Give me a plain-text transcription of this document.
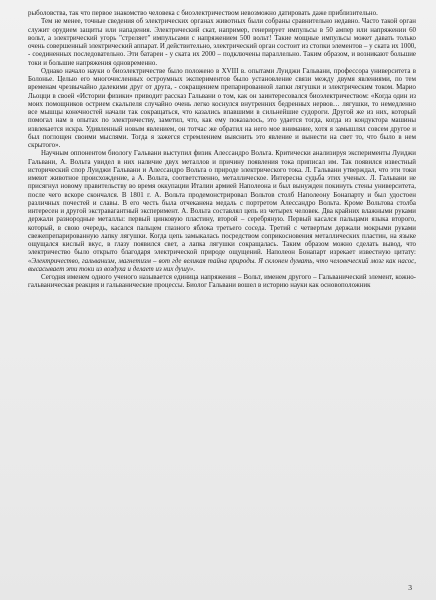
рыболовства, так что первое знакомство человека с биоэлектричеством невозможно датировать даже приблизительно.

Тем не менее, точные сведения об электрических органах животных были собраны сравнительно недавно. Часто такой орган служит орудием защиты или нападения. Электрический скат, например, генерирует импульсы в 50 ампер или напряжении 60 вольт, а электрический угорь "стреляет" импульсами с напряжением 500 вольт! Такие мощные импульсы может давать только очень совершенный электрический аппарат. И действительно, электрический орган состоит из стопки элементов – у ската их 1000, - соединенных последовательно. Эти батареи - у ската их 2000 – подключены параллельно. Таким образом, и возникают большие токи и большие напряжения одновременно.

Однако начало науки о биоэлектричестве было положено в XVIII в. опытами Луиджи Гальвани, профессора университета в Болонье. Целью его многочисленных остроумных экспериментов было установление связи между двумя явлениями, по тем временам чрезвычайно далекими друг от друга, - сокращением препарированной лапки лягушки и электрическим током. Марио Льоцци в своей «Истории физики» приводит рассказ Гальвани о том, как он заинтересовался биоэлектричеством: «Когда один из моих помощников острием скальпеля случайно очень легко коснулся внутренних бедренных нервов… лягушки, то немедленно все мышцы конечностей начали так сокращаться, что казались впавшими в сильнейшие судороги. Другой же из них, который помогал нам в опытах по электричеству, заметил, что, как ему показалось, это удается тогда, когда из кондуктора машины извлекается искра. Удивленный новым явлением, он тотчас же обратил на него мое внимание, хотя я замышлял совсем другое и был поглощен своими мыслями. Тогда я зажегся стремлением выяснить это явление и вынести на свет то, что было в нем скрытого».

Научным оппонентом биологу Гальвани выступил физик Алессандро Вольта. Критически анализируя эксперименты Луиджи Гальвани, А. Вольта увидел в них наличие двух металлов и причину появления тока приписал им. Так появился известный исторический спор Луиджи Гальвани и Алессандро Вольта о природе электрического тока. Л. Гальвани утверждал, что эти токи имеют животное происхождение, а А. Вольта, соответственно, металлическое. Интересна судьба этих ученых. Л. Гальвани не присягнул новому правительству во время оккупации Италии армией Наполеона и был вынужден покинуть стены университета, после чего вскоре скончался. В 1801 г. А. Вольта продемонстрировал Вольтов столб Наполеону Бонапарту и был удостоен различных почестей и славы. В его честь была отчеканена медаль с портретом Алессандро Вольта. Кроме Вольтова столба интересен и другой экстравагантный эксперимент. А. Вольта составлял цепь из четырех человек. Два крайних влажными руками держали разнородные металлы: первый цинковую пластину, второй – серебряную. Первый касался пальцами языка второго, который, в свою очередь, касался пальцем глазного яблока третьего соседа. Третий с четвертым держали мокрыми руками свежепрепарированную лапку лягушки. Когда цепь замыкалась посредством соприкосновения металлических пластин, на языке ощущался кислый вкус, в глазу появился свет, а лапка лягушки сокращалась. Таким образом можно сделать вывод, что электричество было открыто благодаря электрической природе ощущений. Наполеон Бонапарт изрекает известную цитату: «Электричество, гальванизм, магнетизм – вот где великая тайна природы. Я склонен думать, что человеческий мозг как насос, высасывает эти токи из воздуха и делает из них душу».

Сегодня именем одного ученого называется единица напряжения – Вольт, именем другого – Гальванический элемент, кожно-гальваническая реакция и гальванические процессы. Биолог Гальвани вошел в историю науки как основоположник

3
